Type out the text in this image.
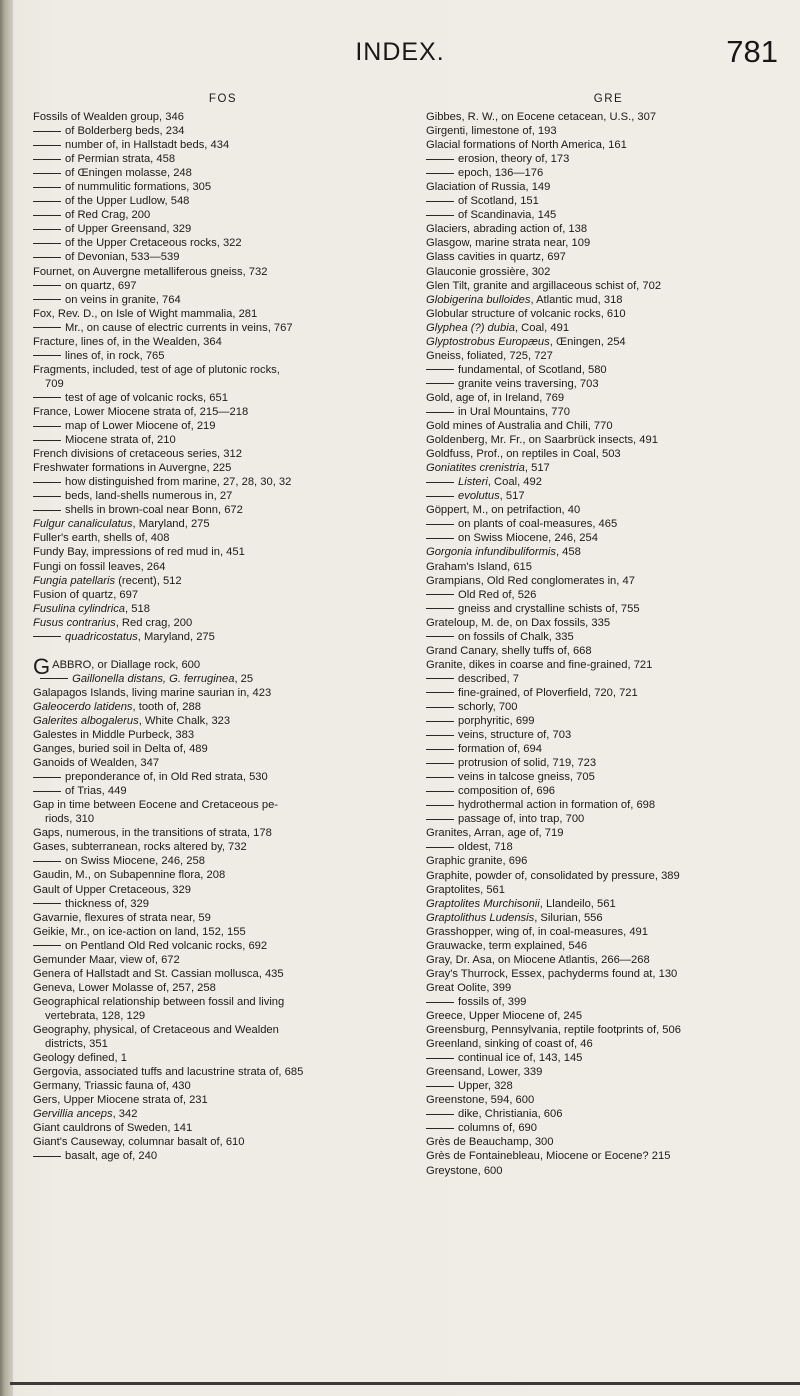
INDEX.	781
FOS
Fossils of Wealden group, 346
of Bolderberg beds, 234
number of, in Hallstadt beds, 434
of Permian strata, 458
of Œningen molasse, 248
of nummulitic formations, 305
of the Upper Ludlow, 548
of Red Crag, 200
of Upper Greensand, 329
of the Upper Cretaceous rocks, 322
of Devonian, 533—539
Fournet, on Auvergne metalliferous gneiss, 732
on quartz, 697
on veins in granite, 764
Fox, Rev. D., on Isle of Wight mammalia, 281
Mr., on cause of electric currents in veins, 767
Fracture, lines of, in the Wealden, 364
lines of, in rock, 765
Fragments, included, test of age of plutonic rocks,
709
test of age of volcanic rocks, 651
France, Lower Miocene strata of, 215—218
map of Lower Miocene of, 219
Miocene strata of, 210
French divisions of cretaceous series, 312
Freshwater formations in Auvergne, 225
how distinguished from marine, 27, 28, 30, 32
beds, land-shells numerous in, 27
shells in brown-coal near Bonn, 672
Fulgur canaliculatus, Maryland, 275
Fuller's earth, shells of, 408
Fundy Bay, impressions of red mud in, 451
Fungi on fossil leaves, 264
Fungia patellaris (recent), 512
Fusion of quartz, 697
Fusulina cylindrica, 518
Fusus contrarius, Red crag, 200
quadricostatus, Maryland, 275
GABBRO, or Diallage rock, 600
Gaillonella distans, G. ferruginea, 25
Galapagos Islands, living marine saurian in, 423
Galeocerdo latidens, tooth of, 288
Galerites albogalerus, White Chalk, 323
Galestes in Middle Purbeck, 383
Ganges, buried soil in Delta of, 489
Ganoids of Wealden, 347
preponderance of, in Old Red strata, 530
of Trias, 449
Gap in time between Eocene and Cretaceous pe-
riods, 310
Gaps, numerous, in the transitions of strata, 178
Gases, subterranean, rocks altered by, 732
on Swiss Miocene, 246, 258
Gaudin, M., on Subapennine flora, 208
Gault of Upper Cretaceous, 329
thickness of, 329
Gavarnie, flexures of strata near, 59
Geikie, Mr., on ice-action on land, 152, 155
on Pentland Old Red volcanic rocks, 692
Gemunder Maar, view of, 672
Genera of Hallstadt and St. Cassian mollusca, 435
Geneva, Lower Molasse of, 257, 258
Geographical relationship between fossil and living
vertebrata, 128, 129
Geography, physical, of Cretaceous and Wealden
districts, 351
Geology defined, 1
Gergovia, associated tuffs and lacustrine strata of, 685
Germany, Triassic fauna of, 430
Gers, Upper Miocene strata of, 231
Gervillia anceps, 342
Giant cauldrons of Sweden, 141
Giant's Causeway, columnar basalt of, 610
basalt, age of, 240
GRE
Gibbes, R. W., on Eocene cetacean, U.S., 307
Girgenti, limestone of, 193
Glacial formations of North America, 161
erosion, theory of, 173
epoch, 136—176
Glaciation of Russia, 149
of Scotland, 151
of Scandinavia, 145
Glaciers, abrading action of, 138
Glasgow, marine strata near, 109
Glass cavities in quartz, 697
Glauconie grossière, 302
Glen Tilt, granite and argillaceous schist of, 702
Globigerina bulloides, Atlantic mud, 318
Globular structure of volcanic rocks, 610
Glyphea (?) dubia, Coal, 491
Glyptostrobus Europæus, Œningen, 254
Gneiss, foliated, 725, 727
fundamental, of Scotland, 580
granite veins traversing, 703
Gold, age of, in Ireland, 769
in Ural Mountains, 770
Gold mines of Australia and Chili, 770
Goldenberg, Mr. Fr., on Saarbrück insects, 491
Goldfuss, Prof., on reptiles in Coal, 503
Goniatites crenistria, 517
Listeri, Coal, 492
evolutus, 517
Göppert, M., on petrifaction, 40
on plants of coal-measures, 465
on Swiss Miocene, 246, 254
Gorgonia infundibuliformis, 458
Graham's Island, 615
Grampians, Old Red conglomerates in, 47
Old Red of, 526
gneiss and crystalline schists of, 755
Grateloup, M. de, on Dax fossils, 335
on fossils of Chalk, 335
Grand Canary, shelly tuffs of, 668
Granite, dikes in coarse and fine-grained, 721
described, 7
fine-grained, of Ploverfield, 720, 721
schorly, 700
porphyritic, 699
veins, structure of, 703
formation of, 694
protrusion of solid, 719, 723
veins in talcose gneiss, 705
composition of, 696
hydrothermal action in formation of, 698
passage of, into trap, 700
Granites, Arran, age of, 719
oldest, 718
Graphic granite, 696
Graphite, powder of, consolidated by pressure, 389
Graptolites, 561
Graptolites Murchisonii, Llandeilo, 561
Graptolithus Ludensis, Silurian, 556
Grasshopper, wing of, in coal-measures, 491
Grauwacke, term explained, 546
Gray, Dr. Asa, on Miocene Atlantis, 266—268
Gray's Thurrock, Essex, pachyderms found at, 130
Great Oolite, 399
fossils of, 399
Greece, Upper Miocene of, 245
Greensburg, Pennsylvania, reptile footprints of, 506
Greenland, sinking of coast of, 46
continual ice of, 143, 145
Greensand, Lower, 339
Upper, 328
Greenstone, 594, 600
dike, Christiania, 606
columns of, 690
Grès de Beauchamp, 300
Grès de Fontainebleau, Miocene or Eocene? 215
Greystone, 600
